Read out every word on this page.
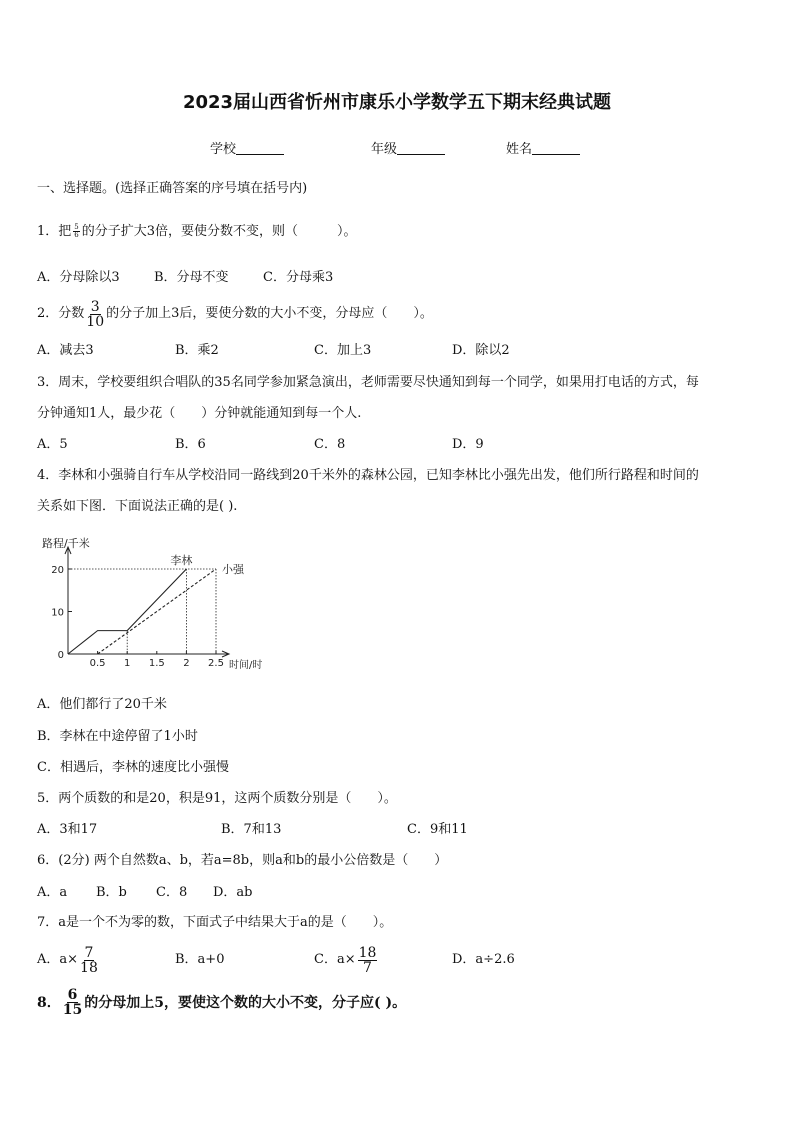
2023届山西省忻州市康乐小学数学五下期末经典试题
学校	年级	姓名
一、选择题。(选择正确答案的序号填在括号内)
1．把 $\frac{5}{6}$ 的分子扩大3倍，要使分数不变，则（　　　）。
A．分母除以3	B．分母不变	C．分母乘3
2．分数 $\frac{3}{10}$ 的分子加上3后，要使分数的大小不变，分母应（　　）。
A．减去3	B．乘2	C．加上3	D．除以2
3．周末，学校要组织合唱队的35名同学参加紧急演出，老师需要尽快通知到每一个同学，如果用打电话的方式，每
分钟通知1人，最少花（　　）分钟就能通知到每一个人.
A．5	B．6	C．8	D．9
4．李林和小强骑自行车从学校沿同一路线到20千米外的森林公园，已知李林比小强先出发，他们所行路程和时间的
关系如下图．下面说法正确的是( ).
路程/千米
时间/时
0
10
20
0.5 1 1.5 2 2.5
李林
小强
A．他们都行了20千米
B．李林在中途停留了1小时
C．相遇后，李林的速度比小强慢
5．两个质数的和是20，积是91，这两个质数分别是（　　）。
A．3和17	B．7和13	C．9和11
6．(2分) 两个自然数a、b，若a=8b，则a和b的最小公倍数是（　　）
A．a B．b C．8 D．ab
7．a是一个不为零的数，下面式子中结果大于a的是（　　）。
A．$a\times \frac{7}{18}$	B．a+0	C．$a\times \frac{18}{7}$	D．a÷2.6
8． $\frac{6}{15}$ 的分母加上5，要使这个数的大小不变，分子应( )。
